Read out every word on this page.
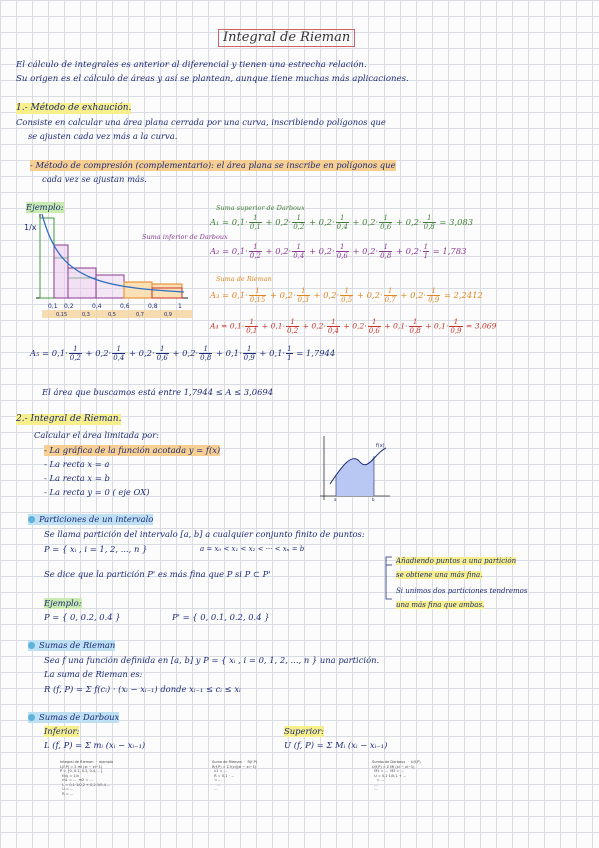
Integral de Rieman
El cálculo de integrales es anterior al diferencial y tienen una estrecha relación.
Su origen es el cálculo de áreas y así se plantean, aunque tiene muchas más aplicaciones.
1.- Método de exhaución.
Consiste en calcular una área plana cerrada por una curva, inscribiendo polígonos que
se ajusten cada vez más a la curva.
- Método de compresión (complementario): el área plana se inscribe en polígonos que
cada vez se ajustan más.
Ejemplo:
1/x
0,1 0,2	0,4	0,6	0,8	1
0,15	0,3	0,5	0,7	0,9
Suma inferior de Darboux
Suma superior de Darboux
Suma de Rieman
$A_1 = 0,1\cdot \frac{1}{0,1} + 0,2\cdot \frac{1}{0,2} + 0,2\cdot \frac{1}{0,4} + 0,2\cdot \frac{1}{0,6} + 0,2\cdot \frac{1}{0,8} = 3,083$
$A_2 = 0,1\cdot \frac{1}{0,2} + 0,2\cdot \frac{1}{0,4} + 0,2\cdot \frac{1}{0,6} + 0,2\cdot \frac{1}{0,8} + 0,2\cdot \frac{1}{1} = 1,783$
$A_3 = 0,1\cdot \frac{1}{0,15} + 0,2\cdot \frac{1}{0,3} + 0,2\cdot \frac{1}{0,5} + 0,2\cdot \frac{1}{0,7} + 0,2\cdot \frac{1}{0,9} = 2,2412$
$A_4 = 0,1\cdot \frac{1}{0,1} + 0,1\cdot \frac{1}{0,2} + 0,2\cdot \frac{1}{0,4} + 0,2\cdot \frac{1}{0,6} + 0,1\cdot \frac{1}{0,8} + 0,1\cdot \frac{1}{0,9} = 3,069$
$A_5 = 0,1\cdot \frac{1}{0,2} + 0,2\cdot \frac{1}{0,4} + 0,2\cdot \frac{1}{0,6} + 0,2\cdot \frac{1}{0,8} + 0,1\cdot \frac{1}{0,9} + 0,1\cdot \frac{1}{1} = 1,7944$
El área que buscamos está entre 1,7944 ≤ A ≤ 3,0694
2.- Integral de Rieman.
Calcular el área limitada por:
- La gráfica de la función acotada y = f(x)
- La recta x = a
- La recta x = b
- La recta y = 0 ( eje OX)
f(x)
a	b
Particiones de un intervalo
Se llama partición del intervalo [a, b] a cualquier conjunto finito de puntos:
P = { xᵢ , i = 1, 2, ..., n }	a = x₀ < x₁ < x₂ < ··· < xₙ = b
Se dice que la partición P' es más fina que P si P ⊂ P'
Añadiendo puntos a una partición
se obtiene una más fina.
Si unimos dos particiones tendremos
una más fina que ambas.
Ejemplo:
P = { 0, 0.2, 0.4 }	P' = { 0, 0.1, 0.2, 0.4 }
Sumas de Rieman
Sea f una función definida en [a, b] y P = { xᵢ , i = 0, 1, 2, ..., n } una partición.
La suma de Rieman es:
R (f, P) = Σ f(cᵢ) · (xᵢ − xᵢ₋₁) donde xᵢ₋₁ ≤ cᵢ ≤ xᵢ
Sumas de Darboux
Inferior:
L (f, P) = Σ mᵢ (xᵢ − xᵢ₋₁)
Superior:
U (f, P) = Σ Mᵢ (xᵢ − xᵢ₋₁)
Integral de Rieman  ·  ejemplo
L(f,P) = Σ mi (xi − xi−1)
P = {0, 0.1, 0.2, 0.4, ...}
f(x) = 1/x
m1 = ...  m2 = ...
L = 0,1·1/0,2 + 0,2·1/0,4 ...
U = ...
R = ...
Suma de Rieman  ·  R(f,P)
R(f,P) = Σ f(ci)(xi − xi−1)
c1 = ...
R = 0,1 · ...
= ...
...
...
Sumas de Darboux  ·  U(f,P)
U(f,P) = Σ Mi (xi − xi−1)
M1 = ...  M2 = ...
U = 0,1·1/0,1 + ...
= ...
...
...
